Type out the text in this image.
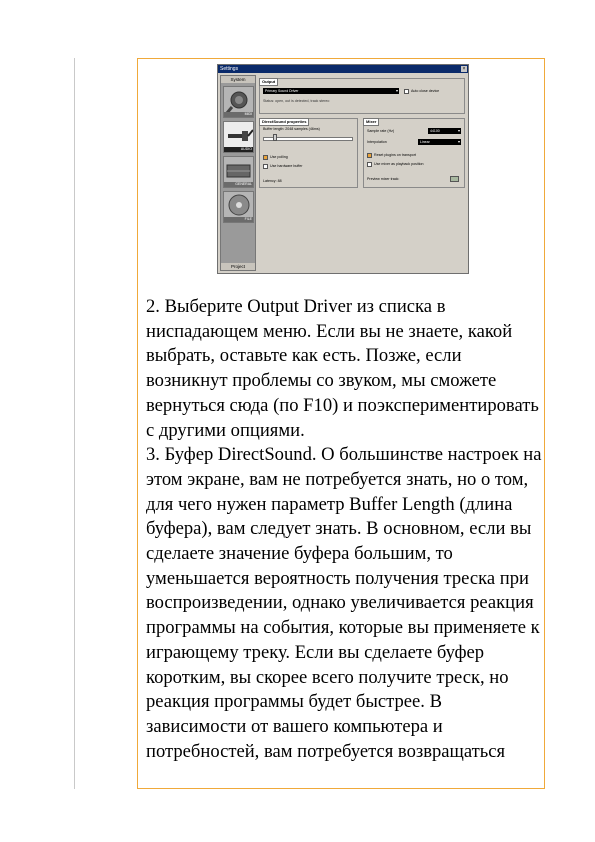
Settings	×
System
MIDI
AUDIO
GENERAL
FILE
Project
Output
Primary Sound Driver	▾	Auto close device
Status: open, out is detected, track stereo
DirectSound properties
Buffer length: 2048 samples (46ms)
Use polling
Use hardware buffer
Latency: 88
Mixer
Sample rate (Hz)	44100	▾
Interpolation	Linear	▾
Reset plugins on transport
Use mixer as playback position
Preview mixer track:

2. Выберите Output Driver из списка в ниспадающем меню. Если вы не знаете, какой выбрать, оставьте как есть. Позже, если возникнут проблемы со звуком, мы сможете вернуться сюда (по F10) и поэкспериментировать с другими опциями.

3. Буфер DirectSound. О большинстве настроек на этом экране, вам не потребуется знать, но о том, для чего нужен параметр Buffer Length (длина буфера), вам следует знать. В основном, если вы сделаете значение буфера большим, то уменьшается вероятность получения треска при воспроизведении, однако увеличивается реакция программы на события, которые вы применяете к играющему треку. Если вы сделаете буфер коротким, вы скорее всего получите треск, но реакция программы будет быстрее. В зависимости от вашего компьютера и потребностей, вам потребуется возвращаться
